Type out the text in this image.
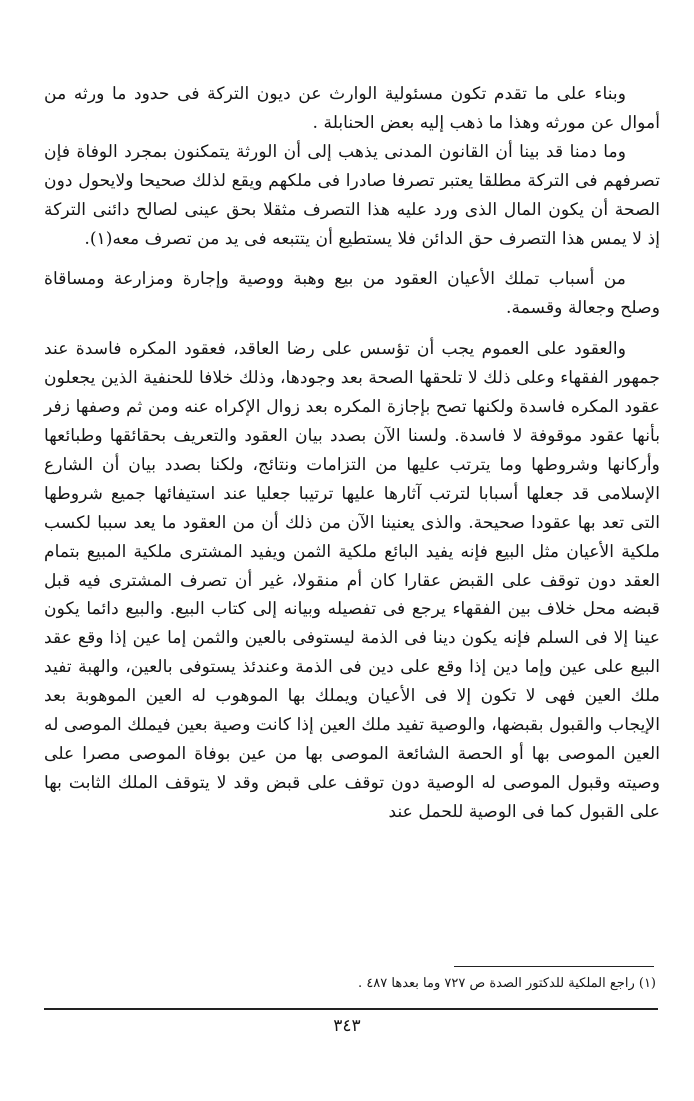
وبناء على ما تقدم تكون مسئولية الوارث عن ديون التركة فى حدود ما ورثه من أموال عن مورثه وهذا ما ذهب إليه بعض الحنابلة .

وما دمنا قد بينا أن القانون المدنى يذهب إلى أن الورثة يتمكنون بمجرد الوفاة فإن تصرفهم فى التركة مطلقا يعتبر تصرفا صادرا فى ملكهم ويقع لذلك صحيحا ولايحول دون الصحة أن يكون المال الذى ورد عليه هذا التصرف مثقلا بحق عينى لصالح دائنى التركة إذ لا يمس هذا التصرف حق الدائن فلا يستطيع أن يتتبعه فى يد من تصرف معه(١).

من أسباب تملك الأعيان العقود من بيع وهبة ووصية وإجارة ومزارعة ومساقاة وصلح وجعالة وقسمة.

والعقود على العموم يجب أن تؤسس على رضا العاقد، فعقود المكره فاسدة عند جمهور الفقهاء وعلى ذلك لا تلحقها الصحة بعد وجودها، وذلك خلافا للحنفية الذين يجعلون عقود المكره فاسدة ولكنها تصح بإجازة المكره بعد زوال الإكراه عنه ومن ثم وصفها زفر بأنها عقود موقوفة لا فاسدة. ولسنا الآن بصدد بيان العقود والتعريف بحقائقها وطبائعها وأركانها وشروطها وما يترتب عليها من التزامات ونتائج، ولكنا بصدد بيان أن الشارع الإسلامى قد جعلها أسبابا لترتب آثارها عليها ترتيبا جعليا عند استيفائها جميع شروطها التى تعد بها عقودا صحيحة. والذى يعنينا الآن من ذلك أن من العقود ما يعد سببا لكسب ملكية الأعيان مثل البيع فإنه يفيد البائع ملكية الثمن ويفيد المشترى ملكية المبيع بتمام العقد دون توقف على القبض عقارا كان أم منقولا، غير أن تصرف المشترى فيه قبل قبضه محل خلاف بين الفقهاء يرجع فى تفصيله وبيانه إلى كتاب البيع. والبيع دائما يكون عينا إلا فى السلم فإنه يكون دينا فى الذمة ليستوفى بالعين والثمن إما عين إذا وقع عقد البيع على عين وإما دين إذا وقع على دين فى الذمة وعندئذ يستوفى بالعين، والهبة تفيد ملك العين فهى لا تكون إلا فى الأعيان ويملك بها الموهوب له العين الموهوبة بعد الإيجاب والقبول بقبضها، والوصية تفيد ملك العين إذا كانت وصية بعين فيملك الموصى له العين الموصى بها أو الحصة الشائعة الموصى بها من عين بوفاة الموصى مصرا على وصيته وقبول الموصى له الوصية دون توقف على قبض وقد لا يتوقف الملك الثابت بها على القبول كما فى الوصية للحمل عند

(١) راجع الملكية للدكتور الصدة ص ٧٢٧ وما بعدها ٤٨٧ .
٣٤٣
